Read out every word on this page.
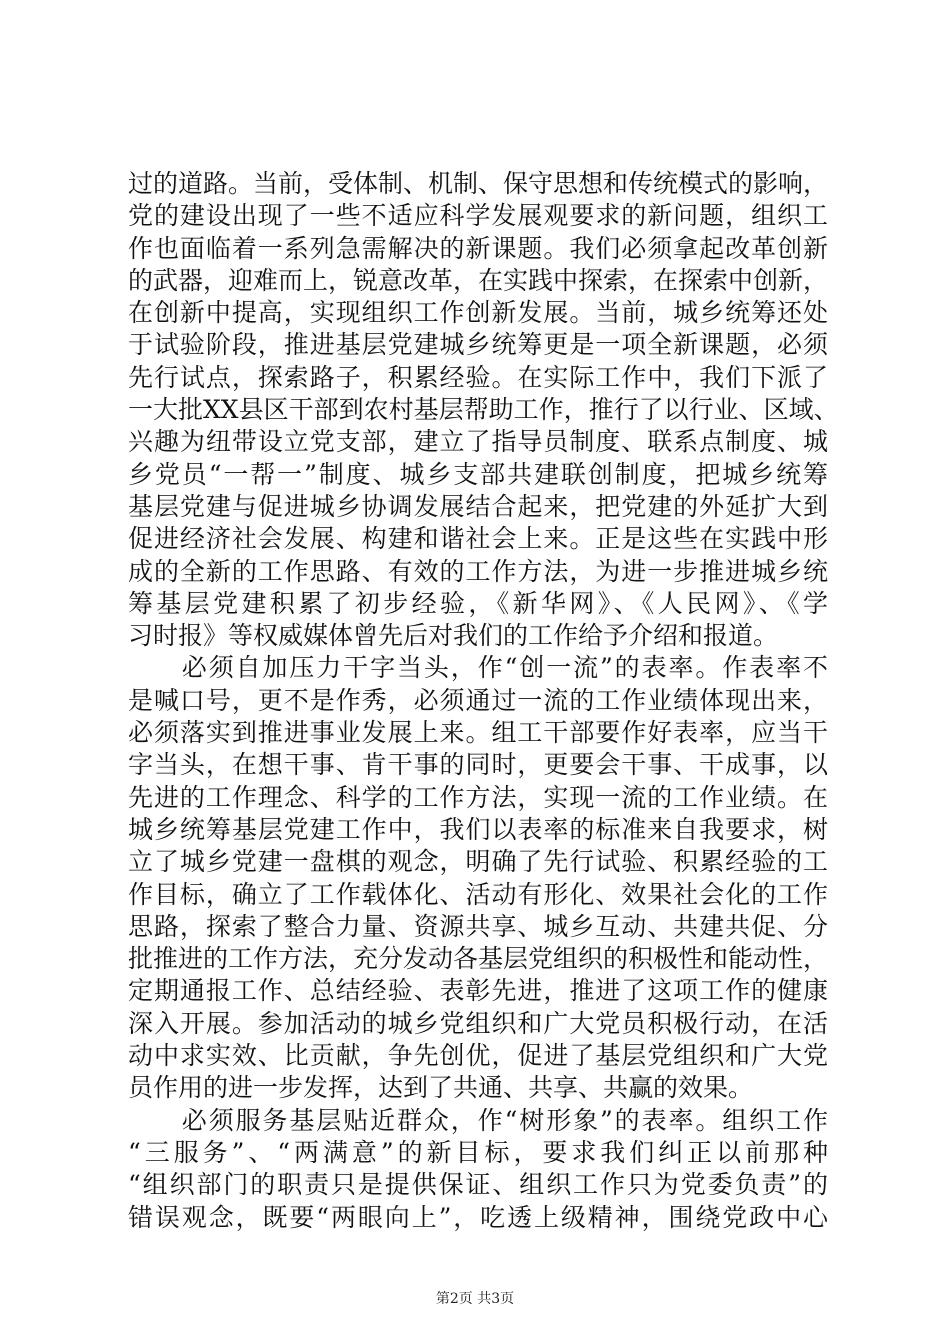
过的道路。当前，受体制、机制、保守思想和传统模式的影响，
党的建设出现了一些不适应科学发展观要求的新问题，组织工
作也面临着一系列急需解决的新课题。我们必须拿起改革创新
的武器，迎难而上，锐意改革，在实践中探索，在探索中创新，
在创新中提高，实现组织工作创新发展。当前，城乡统筹还处
于试验阶段，推进基层党建城乡统筹更是一项全新课题，必须
先行试点，探索路子，积累经验。在实际工作中，我们下派了
一大批XX县区干部到农村基层帮助工作，推行了以行业、区域、
兴趣为纽带设立党支部，建立了指导员制度、联系点制度、城
乡党员“一帮一”制度、城乡支部共建联创制度，把城乡统筹
基层党建与促进城乡协调发展结合起来，把党建的外延扩大到
促进经济社会发展、构建和谐社会上来。正是这些在实践中形
成的全新的工作思路、有效的工作方法，为进一步推进城乡统
筹基层党建积累了初步经验，《新华网》、《人民网》、《学
习时报》等权威媒体曾先后对我们的工作给予介绍和报道。
　　必须自加压力干字当头，作“创一流”的表率。作表率不
是喊口号，更不是作秀，必须通过一流的工作业绩体现出来，
必须落实到推进事业发展上来。组工干部要作好表率，应当干
字当头，在想干事、肯干事的同时，更要会干事、干成事，以
先进的工作理念、科学的工作方法，实现一流的工作业绩。在
城乡统筹基层党建工作中，我们以表率的标准来自我要求，树
立了城乡党建一盘棋的观念，明确了先行试验、积累经验的工
作目标，确立了工作载体化、活动有形化、效果社会化的工作
思路，探索了整合力量、资源共享、城乡互动、共建共促、分
批推进的工作方法，充分发动各基层党组织的积极性和能动性，
定期通报工作、总结经验、表彰先进，推进了这项工作的健康
深入开展。参加活动的城乡党组织和广大党员积极行动，在活
动中求实效、比贡献，争先创优，促进了基层党组织和广大党
员作用的进一步发挥，达到了共通、共享、共赢的效果。
　　必须服务基层贴近群众，作“树形象”的表率。组织工作
“三服务”、“两满意”的新目标，要求我们纠正以前那种
“组织部门的职责只是提供保证、组织工作只为党委负责”的
错误观念，既要“两眼向上”，吃透上级精神，围绕党政中心
第2页 共3页
